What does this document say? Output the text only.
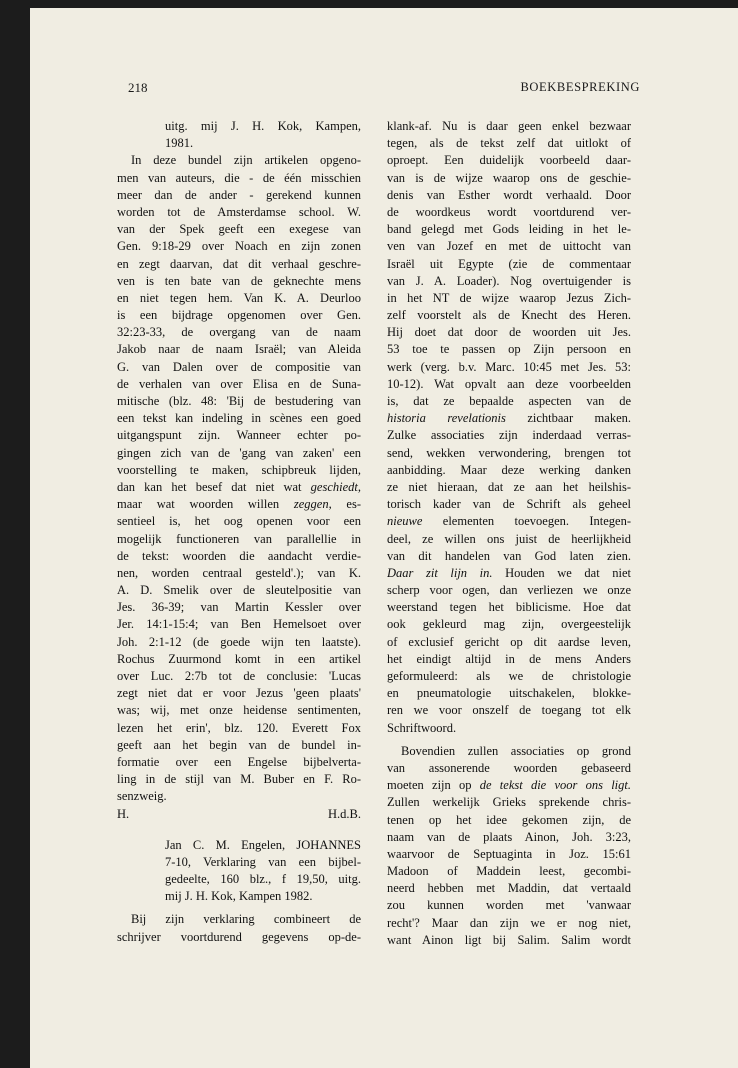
218	BOEKBESPREKING
uitg. mij J. H. Kok, Kampen,
1981.
In deze bundel zijn artikelen opgeno-
men van auteurs, die - de één misschien
meer dan de ander - gerekend kunnen
worden tot de Amsterdamse school. W.
van der Spek geeft een exegese van
Gen. 9:18-29 over Noach en zijn zonen
en zegt daarvan, dat dit verhaal geschre-
ven is ten bate van de geknechte mens
en niet tegen hem. Van K. A. Deurloo
is een bijdrage opgenomen over Gen.
32:23-33, de overgang van de naam
Jakob naar de naam Israël; van Aleida
G. van Dalen over de compositie van
de verhalen van over Elisa en de Suna-
mitische (blz. 48: 'Bij de bestudering van
een tekst kan indeling in scènes een goed
uitgangspunt zijn. Wanneer echter po-
gingen zich van de 'gang van zaken' een
voorstelling te maken, schipbreuk lijden,
dan kan het besef dat niet wat geschiedt,
maar wat woorden willen zeggen, es-
sentieel is, het oog openen voor een
mogelijk functioneren van parallellie in
de tekst: woorden die aandacht verdie-
nen, worden centraal gesteld'.); van K.
A. D. Smelik over de sleutelpositie van
Jes. 36-39; van Martin Kessler over
Jer. 14:1-15:4; van Ben Hemelsoet over
Joh. 2:1-12 (de goede wijn ten laatste).
Rochus Zuurmond komt in een artikel
over Luc. 2:7b tot de conclusie: 'Lucas
zegt niet dat er voor Jezus 'geen plaats'
was; wij, met onze heidense sentimenten,
lezen het erin', blz. 120. Everett Fox
geeft aan het begin van de bundel in-
formatie over een Engelse bijbelverta-
ling in de stijl van M. Buber en F. Ro-
senzweig.
H.	H.d.B.
Jan C. M. Engelen, JOHANNES
7-10, Verklaring van een bijbel-
gedeelte, 160 blz., f 19,50, uitg.
mij J. H. Kok, Kampen 1982.
Bij zijn verklaring combineert de
schrijver voortdurend gegevens op-de-
klank-af. Nu is daar geen enkel bezwaar
tegen, als de tekst zelf dat uitlokt of
oproept. Een duidelijk voorbeeld daar-
van is de wijze waarop ons de geschie-
denis van Esther wordt verhaald. Door
de woordkeus wordt voortdurend ver-
band gelegd met Gods leiding in het le-
ven van Jozef en met de uittocht van
Israël uit Egypte (zie de commentaar
van J. A. Loader). Nog overtuigender is
in het NT de wijze waarop Jezus Zich-
zelf voorstelt als de Knecht des Heren.
Hij doet dat door de woorden uit Jes.
53 toe te passen op Zijn persoon en
werk (verg. b.v. Marc. 10:45 met Jes. 53:
10-12). Wat opvalt aan deze voorbeelden
is, dat ze bepaalde aspecten van de
historia revelationis zichtbaar maken.
Zulke associaties zijn inderdaad verras-
send, wekken verwondering, brengen tot
aanbidding. Maar deze werking danken
ze niet hieraan, dat ze aan het heilshis-
torisch kader van de Schrift als geheel
nieuwe elementen toevoegen. Integen-
deel, ze willen ons juist de heerlijkheid
van dit handelen van God laten zien.
Daar zit lijn in. Houden we dat niet
scherp voor ogen, dan verliezen we onze
weerstand tegen het biblicisme. Hoe dat
ook gekleurd mag zijn, overgeestelijk
of exclusief gericht op dit aardse leven,
het eindigt altijd in de mens Anders
geformuleerd: als we de christologie
en pneumatologie uitschakelen, blokke-
ren we voor onszelf de toegang tot elk
Schriftwoord.
Bovendien zullen associaties op grond
van assonerende woorden gebaseerd
moeten zijn op de tekst die voor ons ligt.
Zullen werkelijk Grieks sprekende chris-
tenen op het idee gekomen zijn, de
naam van de plaats Ainon, Joh. 3:23,
waarvoor de Septuaginta in Joz. 15:61
Madoon of Maddein leest, gecombi-
neerd hebben met Maddin, dat vertaald
zou kunnen worden met 'vanwaar
recht'? Maar dan zijn we er nog niet,
want Ainon ligt bij Salim. Salim wordt
